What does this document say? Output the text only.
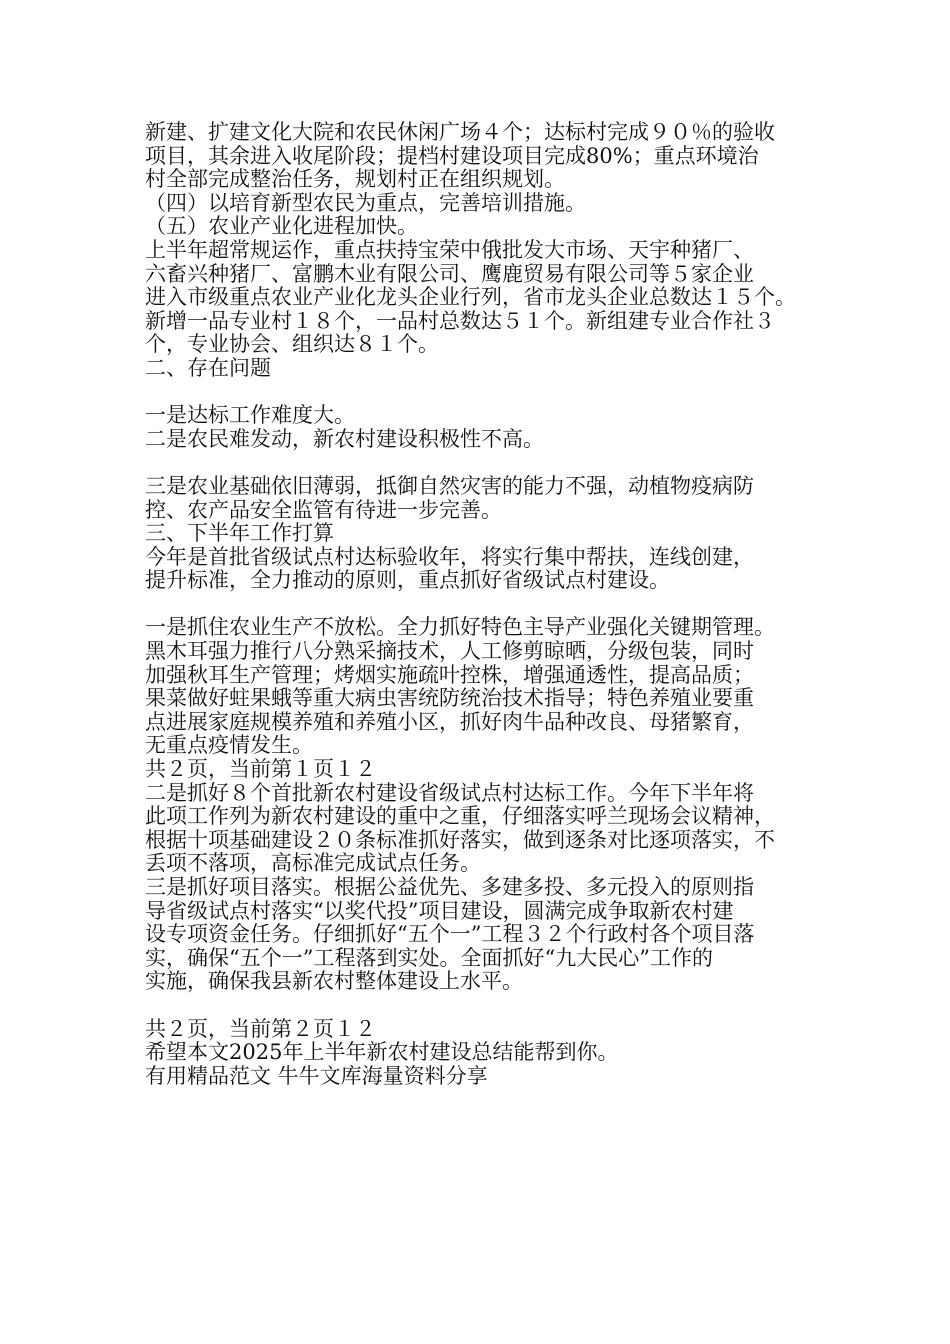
新建、扩建文化大院和农民休闲广场４个；达标村完成９０％的验收
项目，其余进入收尾阶段；提档村建设项目完成80%；重点环境治
村全部完成整治任务，规划村正在组织规划。
（四）以培育新型农民为重点，完善培训措施。
（五）农业产业化进程加快。
上半年超常规运作，重点扶持宝荣中俄批发大市场、天宇种猪厂、
六畜兴种猪厂、富鹏木业有限公司、鹰鹿贸易有限公司等５家企业
进入市级重点农业产业化龙头企业行列，省市龙头企业总数达１５个。
新增一品专业村１８个，一品村总数达５１个。新组建专业合作社３
个，专业协会、组织达８１个。
二、存在问题
一是达标工作难度大。
二是农民难发动，新农村建设积极性不高。
三是农业基础依旧薄弱，抵御自然灾害的能力不强，动植物疫病防
控、农产品安全监管有待进一步完善。
三、下半年工作打算
今年是首批省级试点村达标验收年，将实行集中帮扶，连线创建，
提升标准，全力推动的原则，重点抓好省级试点村建设。
一是抓住农业生产不放松。全力抓好特色主导产业强化关键期管理。
黑木耳强力推行八分熟采摘技术，人工修剪晾晒，分级包装，同时
加强秋耳生产管理；烤烟实施疏叶控株，增强通透性，提高品质；
果菜做好蛀果蛾等重大病虫害统防统治技术指导；特色养殖业要重
点进展家庭规模养殖和养殖小区，抓好肉牛品种改良、母猪繁育，
无重点疫情发生。
共２页，当前第１页１２
二是抓好８个首批新农村建设省级试点村达标工作。今年下半年将
此项工作列为新农村建设的重中之重，仔细落实呼兰现场会议精神，
根据十项基础建设２０条标准抓好落实，做到逐条对比逐项落实，不
丢项不落项，高标准完成试点任务。
三是抓好项目落实。根据公益优先、多建多投、多元投入的原则指
导省级试点村落实“以奖代投”项目建设，圆满完成争取新农村建
设专项资金任务。仔细抓好“五个一”工程３２个行政村各个项目落
实，确保“五个一”工程落到实处。全面抓好“九大民心”工作的
实施，确保我县新农村整体建设上水平。
共２页，当前第２页１２
希望本文2025年上半年新农村建设总结能帮到你。
有用精品范文 牛牛文库海量资料分享
